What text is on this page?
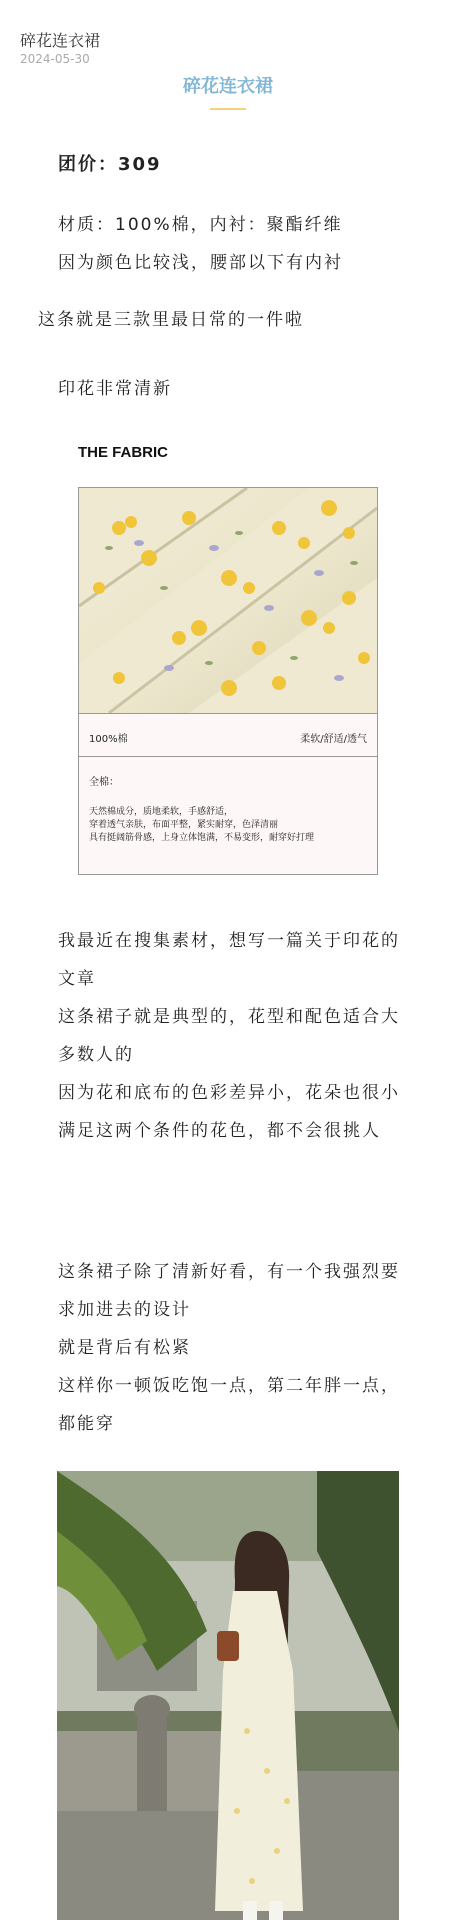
碎花连衣裙
2024-05-30
碎花连衣裙
团价：309
材质：100%棉，内衬：聚酯纤维
因为颜色比较浅，腰部以下有内衬
这条就是三款里最日常的一件啦
印花非常清新
THE FABRIC
100%棉	柔软/舒适/透气
全棉：
天然棉成分，质地柔软，手感舒适，
穿着透气亲肤，布面平整，紧实耐穿，色泽清丽
具有挺阔筋骨感，上身立体饱满，不易变形，耐穿好打理
我最近在搜集素材，想写一篇关于印花的文章
这条裙子就是典型的，花型和配色适合大多数人的
因为花和底布的色彩差异小，花朵也很小
满足这两个条件的花色，都不会很挑人
这条裙子除了清新好看，有一个我强烈要求加进去的设计
就是背后有松紧
这样你一顿饭吃饱一点，第二年胖一点，都能穿
